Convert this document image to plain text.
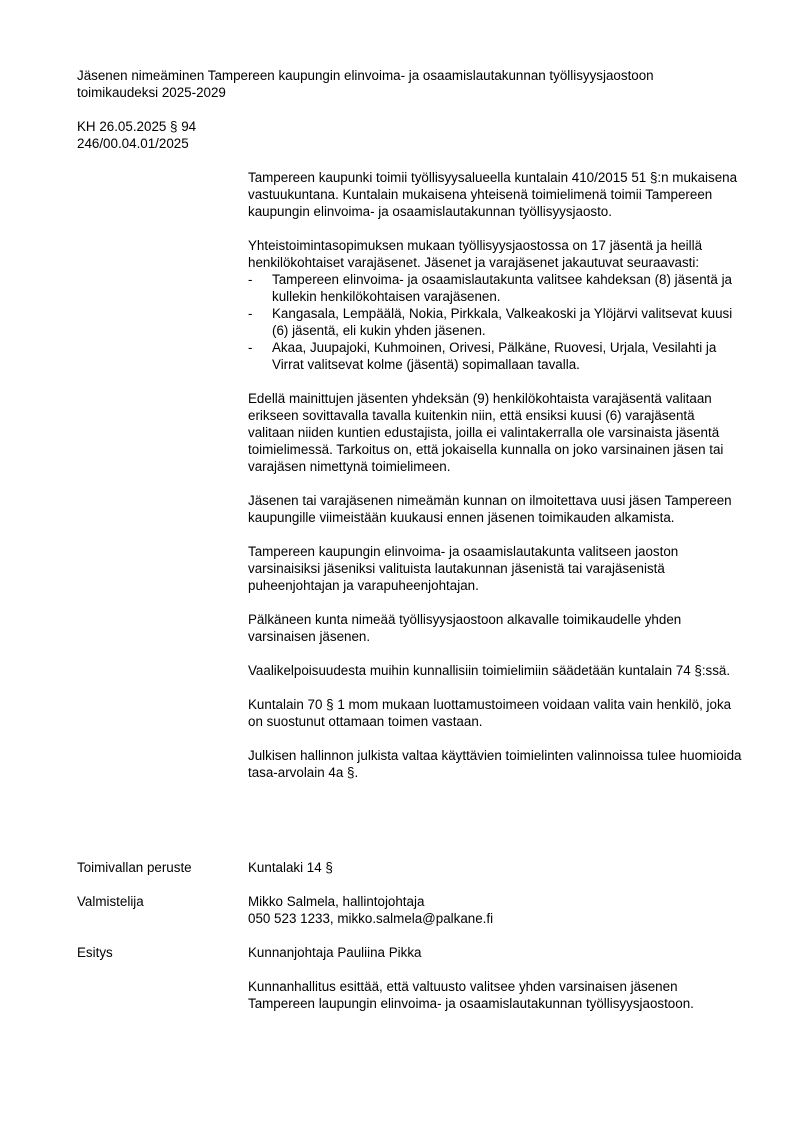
Jäsenen nimeäminen Tampereen kaupungin elinvoima- ja osaamislautakunnan työllisyysjaostoon
toimikaudeksi 2025-2029
KH 26.05.2025 § 94
246/00.04.01/2025

Tampereen kaupunki toimii työllisyysalueella kuntalain 410/2015 51 §:n mukaisena vastuukuntana. Kuntalain mukaisena yhteisenä toimielimenä toimii Tampereen kaupungin elinvoima- ja osaamislautakunnan työllisyysjaosto.

Yhteistoimintasopimuksen mukaan työllisyysjaostossa on 17 jäsentä ja heillä henkilökohtaiset varajäsenet. Jäsenet ja varajäsenet jakautuvat seuraavasti:

- Tampereen elinvoima- ja osaamislautakunta valitsee kahdeksan (8) jäsentä ja kullekin henkilökohtaisen varajäsenen.
- Kangasala, Lempäälä, Nokia, Pirkkala, Valkeakoski ja Ylöjärvi valitsevat kuusi (6) jäsentä, eli kukin yhden jäsenen.
- Akaa, Juupajoki, Kuhmoinen, Orivesi, Pälkäne, Ruovesi, Urjala, Vesilahti ja Virrat valitsevat kolme (jäsentä) sopimallaan tavalla.

Edellä mainittujen jäsenten yhdeksän (9) henkilökohtaista varajäsentä valitaan erikseen sovittavalla tavalla kuitenkin niin, että ensiksi kuusi (6) varajäsentä valitaan niiden kuntien edustajista, joilla ei valintakerralla ole varsinaista jäsentä toimielimessä. Tarkoitus on, että jokaisella kunnalla on joko varsinainen jäsen tai varajäsen nimettynä toimielimeen.

Jäsenen tai varajäsenen nimeämän kunnan on ilmoitettava uusi jäsen Tampereen kaupungille viimeistään kuukausi ennen jäsenen toimikauden alkamista.

Tampereen kaupungin elinvoima- ja osaamislautakunta valitseen jaoston varsinaisiksi jäseniksi valituista lautakunnan jäsenistä tai varajäsenistä puheenjohtajan ja varapuheenjohtajan.

Pälkäneen kunta nimeää työllisyysjaostoon alkavalle toimikaudelle yhden varsinaisen jäsenen.

Vaalikelpoisuudesta muihin kunnallisiin toimielimiin säädetään kuntalain 74 §:ssä.

Kuntalain 70 § 1 mom mukaan luottamustoimeen voidaan valita vain henkilö, joka on suostunut ottamaan toimen vastaan.

Julkisen hallinnon julkista valtaa käyttävien toimielinten valinnoissa tulee huomioida tasa-arvolain 4a §.

Toimivallan peruste	Kuntalaki 14 §
Valmistelija	Mikko Salmela, hallintojohtaja
050 523 1233, mikko.salmela@palkane.fi
Esitys	Kunnanjohtaja Pauliina Pikka

Kunnanhallitus esittää, että valtuusto valitsee yhden varsinaisen jäsenen Tampereen laupungin elinvoima- ja osaamislautakunnan työllisyysjaostoon.
